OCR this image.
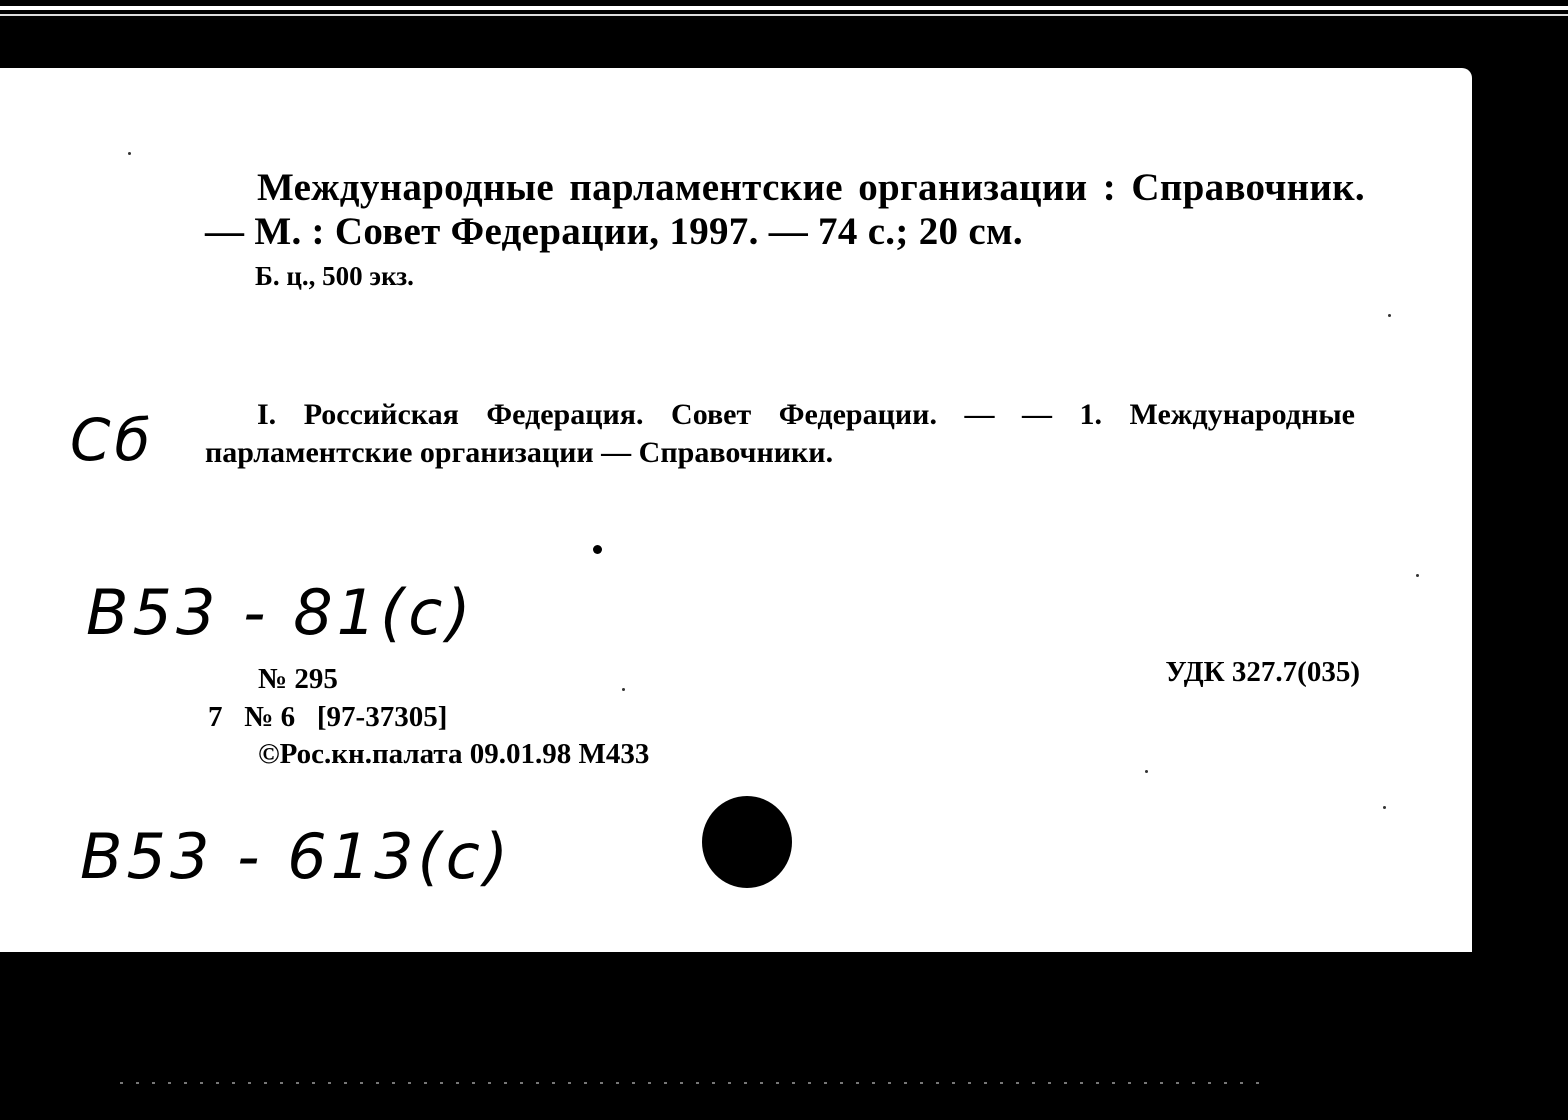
Международные парламентские организации : Справочник. — М. : Совет Федерации, 1997. — 74 с.; 20 см.
Б. ц., 500 экз.
Сб	I. Российская Федерация. Совет Федерации. — — 1. Международные парламентские организации — Справочники.
B53 - 81(с)
№ 295	УДК 327.7(035)
7   № 6   [97-37305]
©Рос.кн.палата 09.01.98 М433
B53 - 613(с)
